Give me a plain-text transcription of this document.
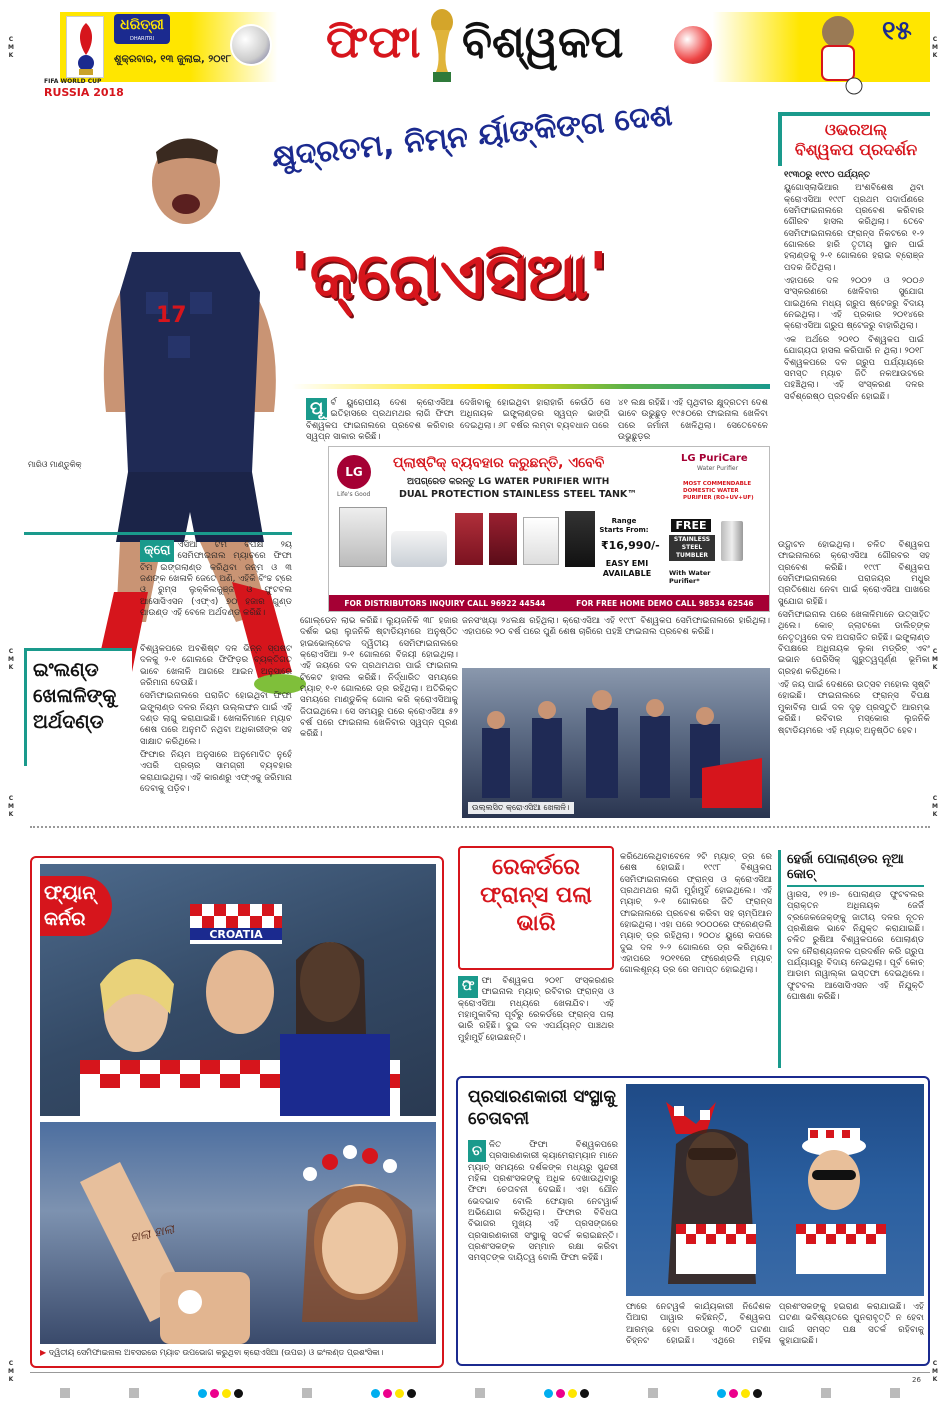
FIFA WORLD CUP
RUSSIA 2018
ଧରିତ୍ରୀ
DHARITRI
ଶୁକ୍ରବାର, ୧୩ ଜୁଲାଇ, ୨୦୧୮ ଫିଫା ବିଶ୍ୱକପ	୧୫
C
M
K
C
M
K
C
M
K
C
M
K
C
M
K
C
M
K
C
M
K
C
M
K
କ୍ଷୁଦ୍ରତମ, ନିମ୍ନ ର୍ୟାଙ୍କିଙ୍ଗ ଦେଶ
'କ୍ରୋଏସିଆ'
17
ମାରିଓ ମାଣ୍ଡୁକିକ୍

ପୂ ର୍ବ ୟୁରୋପୀୟ ଦେଶ କ୍ରୋଏସିଆ ଇତିହାସରେ ପ୍ରଥମଥର ଲାଗି ଫିଫା ବିଶ୍ୱକପ ଫାଇନାଲରେ ପ୍ରବେଶ କରିବାର ସ୍ୱପ୍ନ ସାକାର କରିଛି।

ଦେଖିବାକୁ ହୋଇଥିବା ହାରାହାରି କେଉଁଠି ସେ ଅଧିନାୟକ ଇଙ୍ଗ୍ଲାଣ୍ଡର ସ୍ୱପ୍ନ ଭାଙ୍ଗି ଦେଇଥିଲା। ୬୮ ବର୍ଷର ଲମ୍ବା ବ୍ୟବଧାନ ପରେ

୪୧ ଲକ୍ଷ ରହିଛି। ଏହି ପୃଥିବୀର କ୍ଷୁଦ୍ରତମ ଦେଶ ଭାବେ ଉଭୁଛୁଡ଼ ୧୯୫୦ରେ ଫାଇନାଲ ଖେଳିବା ପରେ ଜର୍ମାନୀ ଖେଳିଥିଲା। ସେତେବେଳେ ଉଭୁଛୁଡ଼ର

LG
Life's Good
LG PuriCare
Water Purifier
ପ୍ଲାଷ୍ଟିକ୍ ବ୍ୟବହାର କରୁଛନ୍ତି, ଏବେବି
ଅପଗ୍ରେଡ କରନ୍ତୁ LG WATER PURIFIER WITH
DUAL PROTECTION STAINLESS STEEL TANK™
MOST COMMENDABLE DOMESTIC WATER PURIFIER (RO+UV+UF)
Range Starts From:
₹16,990/-
EASY EMI AVAILABLE
FREE
STAINLESS STEEL TUMBLER
With Water Purifier*
FOR DISTRIBUTORS INQUIRY CALL 96922 44544	FOR FREE HOME DEMO CALL 98534 62546
ଓଭରଅଲ୍
ବିଶ୍ୱକପ ପ୍ରଦର୍ଶନ

୧୯୩୦ରୁ ୧୯୯୦ ପର୍ଯ୍ୟନ୍ତ

ୟୁଗୋସ୍ଲାଭିଆର ଅଂଶବିଶେଷ ଥିବା କ୍ରୋଏସିଆ ୧୯୯୮ ପ୍ରଥମ ପଦାର୍ପଣରେ ସେମିଫାଇନାଲରେ ପ୍ରବେଶ କରିବାର ଗୌରବ ହାସଲ କରିଥିଲା। ତେବେ ସେମିଫାଇନାଲରେ ଫ୍ରାନ୍ସ ନିକଟରେ ୧-୨ ଗୋଲରେ ହାରି ତୃତୀୟ ସ୍ଥାନ ପାଇଁ ହଲାଣ୍ଡକୁ ୨-୧ ଗୋଲରେ ହରାଇ ବ୍ରୋଞ୍ଜ ପଦକ ଜିତିଥିଲା।

ଏହାପରେ ଦଳ ୨୦୦୨ ଓ ୨୦୦୬ ସଂସ୍କରଣରେ ଖେଳିବାର ସୁଯୋଗ ପାଇଥିଲେ ମଧ୍ୟ ଗ୍ରୁପ ଷ୍ଟେଜରୁ ବିଦାୟ ନେଇଥିଲା। ଏହି ପ୍ରକାର ୨୦୧୪ରେ କ୍ରୋଏସିଆ ଗ୍ରୁପ ଷ୍ଟେଜରୁ ବାହାରିଥିଲା।

ଏକ ଅର୍ଥରେ ୨୦୧୦ ବିଶ୍ୱକପ ପାଇଁ ଯୋଗ୍ୟତା ହାସଲ କରିପାରି ନ ଥିଲା। ୨୦୧୮ ବିଶ୍ୱକପରେ ଦଳ ଗ୍ରୁପ ପର୍ଯ୍ୟାୟରେ ସମସ୍ତ ମ୍ୟାଚ ଜିତି ନକଆଉଟରେ ପହଞ୍ଚିଥିଲା। ଏହି ସଂସ୍କରଣ ଦଳର ସର୍ବଶ୍ରେଷ୍ଠ ପ୍ରଦର୍ଶନ ହୋଇଛି।

ଉଦ୍ଘାଟନ ହୋଇଥିଲା। ଚଳିତ ବିଶ୍ୱକପ ଫାଇନାଲରେ କ୍ରୋଏସିଆ ଗୌରବର ସହ ପ୍ରବେଶ କରିଛି। ୧୯୯୮ ବିଶ୍ୱକପ ସେମିଫାଇନାଲରେ ପରାଜୟର ମଧୁର ପ୍ରତିଶୋଧ ନେବା ପାଇଁ କ୍ରୋଏସିଆ ପାଖରେ ସୁଯୋଗ ରହିଛି।

ସେମିଫାଇନାଲ ପରେ ଖେଳାଳିମାନେ ଉତ୍ସାହିତ ଥିଲେ। କୋଚ୍ ଜ୍ଲାଟକୋ ଡାଲିଚ୍ଙ୍କ ନେତୃତ୍ୱରେ ଦଳ ଅପରାଜିତ ରହିଛି। ଇଙ୍ଗ୍ଲାଣ୍ଡ ବିପକ୍ଷରେ ଅଧିନାୟକ ଲୁକା ମଡ୍ରିଚ୍ ଏବଂ ଇଭାନ ପେରିସିକ୍ ଗୁରୁତ୍ୱପୂର୍ଣ୍ଣ ଭୂମିକା ଗ୍ରହଣ କରିଥିଲେ।

ଏହି ଜୟ ପାଇଁ ଦେଶରେ ଉତ୍ସବ ମହୋଲ ସୃଷ୍ଟି ହୋଇଛି। ଫାଇନାଲରେ ଫ୍ରାନ୍ସ ବିପକ୍ଷ ମୁକାବିଲା ପାଇଁ ଦଳ ଦୃଢ଼ ପ୍ରସ୍ତୁତି ଆରମ୍ଭ କରିଛି। ରବିବାର ମସ୍କୋର ଲୁଜନିକି ଷ୍ଟାଡିୟମରେ ଏହି ମ୍ୟାଚ୍ ଅନୁଷ୍ଠିତ ହେବ।

କ୍ରୋ ଏସିଆ ଟିମ ବିପକ୍ଷ ୨ୟ ସେମିଫାଇନାଲ ମ୍ୟାଚରେ ଫିଫା ଟିମ ଇଙ୍ଗଲାଣ୍ଡ କରିଥିବା ଜନ୍ମ ଓ ୩ ଜଣଙ୍କ ଖେଳାଳି ଜେତେ ଅଣି, ଏହିକି ବିଂଚ୍ଚ ଟ୍ରେ ଓ ରୁମ୍ସ ଲୁକ୍କିଲକୁଞ୍ଜ ଓ ଫୁଟବଲ ଆସୋସିଏସନ (ଏଫ୍ଏ) ୭୦ ହଜାର ଗୁଣ୍ଡ ପାଉଣ୍ଡ ଏହି ବେଳେ ଅର୍ଥଦଣ୍ଡ କରିଛି।

ବିଶ୍ୱକପରେ ଅବଶିଷ୍ଟ ଦଳ ଭିନ୍ନ ସ୍ପଷ୍ଟ ଦଳକୁ ୨-୧ ଗୋଲରେ ଫିଫିଡ଼ର ବ୍ୟକ୍ତିଗତ ଭାବେ ଖେଳାଳି ଆଗରେ ଆଇନ ଅନୁସାରେ ଜରିମାନା ଦେଉଛି।

ସେମିଫାଇନାଲରେ ପରାଜିତ ହୋଇଥିବା ଫିଫା ଇଙ୍ଗ୍ଲାଣ୍ଡ ଦଳର ନିୟମ ଉଲ୍ଲଙ୍ଘନ ପାଇଁ ଏହି ଦଣ୍ଡ ଲାଗୁ କରାଯାଇଛି। ଖେଳାଳିମାନେ ମ୍ୟାଚ ଶେଷ ପରେ ଅନୁମତି ନଥିବା ଅଧିକାରୀଙ୍କ ସହ ସାକ୍ଷାତ କରିଥିଲେ।

ଫିଫାର ନିୟମ ଅନୁସାରେ ଅନୁମୋଦିତ ନୁହେଁ ଏପରି ପ୍ରଚାର ସାମଗ୍ରୀ ବ୍ୟବହାର କରାଯାଇଥିଲା। ଏହି କାରଣରୁ ଏଫ୍ଏକୁ ଜରିମାନା ଦେବାକୁ ପଡ଼ିବ।

ଇଂଲଣ୍ଡ ଖେଳାଳିଙ୍କୁ ଅର୍ଥଦଣ୍ଡ

ଗୋଲ୍ଡେନ ଲାଭ କରିଛି। ଲ୍ୟୁଜନିକି ୩୮ ହଜାର ଦର୍ଶକ ଭରା ଲୁଜନିକି ଷ୍ଟାଡିୟମରେ ଅନୁଷ୍ଠିତ ହାଇଭୋଲ୍ଟେଜ ଦ୍ୱିତୀୟ ସେମିଫାଇନାଲରେ କ୍ରୋଏସିଆ ୨-୧ ଗୋଲରେ ବିଜୟୀ ହୋଇଥିଲା। ଏହି ଜୟରେ ଦଳ ପ୍ରଥମଥର ପାଇଁ ଫାଇନାଲ ଟିକେଟ ହାସଲ କରିଛି। ନିର୍ଦ୍ଧାରିତ ସମୟରେ ମ୍ୟାଚ୍ ୧-୧ ଗୋଲରେ ଡ୍ର ରହିଥିଲା। ଅତିରିକ୍ତ ସମୟରେ ମାଣ୍ଡୁକିକ୍ ଗୋଲ କରି କ୍ରୋଏସିଆକୁ ଜିତାଇଥିଲେ। ସେ ସମୟରୁ ପରେ କ୍ରୋଏସିଆ ୫୨ ବର୍ଷ ପରେ ଫାଇନାଲ ଖେଳିବାର ସ୍ୱପ୍ନ ପୂରଣ କରିଛି।

ଜନସଂଖ୍ୟା ୨୪ଲକ୍ଷ ରହିଥିଲା। କ୍ରୋଏସିଆ ଏହି ୧୯୯୮ ବିଶ୍ୱକପ ସେମିଫାଇନାଲରେ ହାରିଥିଲା। ଏହାପରେ ୨୦ ବର୍ଷ ପରେ ପୁଣି ଶେଷ ଚାରିରେ ପହଞ୍ଚି ଫାଇନାଲ ପ୍ରବେଶ କରିଛି।

ଉଲ୍ଲସିତ କ୍ରୋଏସିଆ ଖେଳାଳି।
CROATIA
ଫ୍ୟାନ୍ କର୍ନର
ହାଲା ହାଲା
▶ ଦ୍ୱିତୀୟ ସେମିଫାଇନାଲ ଅବସରରେ ମ୍ୟାଚ ଉପଭୋଗ କରୁଥିବା କ୍ରୋଏସିଆ (ଉପର) ଓ ଇଂଲଣ୍ଡ ପ୍ରଶଂସିକା।
ରେକର୍ଡରେ ଫ୍ରାନ୍ସ ପଲା ଭାରି

ଫି ଫା ବିଶ୍ୱକପ ୨୦୧୮ ସଂସ୍କରଣର ଫାଇନାଲ ମ୍ୟାଚ୍ ରବିବାର ଫ୍ରାନ୍ସ ଓ କ୍ରୋଏସିଆ ମଧ୍ୟରେ ଖେଳାଯିବ। ଏହି ମହାମୁକାବିଲା ପୂର୍ବରୁ ରେକର୍ଡରେ ଫ୍ରାନ୍ସ ପଲା ଭାରି ରହିଛି। ଦୁଇ ଦଳ ଏପର୍ଯ୍ୟନ୍ତ ପାଞ୍ଚଥର ମୁହାଁମୁହିଁ ହୋଇଛନ୍ତି।

କରିଥେଲେଥିବାବେଳେ ୨ଟି ମ୍ୟାଚ୍ ଡ୍ର ରେ ଶେଷ ହୋଇଛି। ୧୯୯୮ ବିଶ୍ୱକପ ସେମିଫାଇନାଲରେ ଫ୍ରାନ୍ସ ଓ କ୍ରୋଏସିଆ ପ୍ରଥମଥର ଲାଗି ମୁହାଁମୁହିଁ ହୋଇଥିଲେ। ଏହି ମ୍ୟାଚ୍ ୨-୧ ଗୋଲରେ ଜିତି ଫ୍ରାନ୍ସ ଫାଇନାଲରେ ପ୍ରବେଶ କରିବା ସହ ଚାମ୍ପିଆନ ହୋଇଥିଲା। ଏହା ପରେ ୨୦୦୦ରେ ଫ୍ରେଣ୍ଡଲି ମ୍ୟାଚ୍ ଡ୍ର ରହିଥିଲା। ୨୦୦୪ ୟୁରୋ କପରେ ଦୁଇ ଦଳ ୨-୨ ଗୋଲରେ ଡ୍ର କରିଥିଲେ। ଏହାପରେ ୨୦୧୧ରେ ଫ୍ରେଣ୍ଡଲି ମ୍ୟାଚ୍ ଗୋଲଶୂନ୍ୟ ଡ୍ର ରେ ସମାପ୍ତ ହୋଇଥିଲା।

ହେର୍ଜା ପୋଲାଣ୍ଡର ନୂଆ କୋଚ୍

ୱାରସ, ୧୨।୭- ପୋଲାଣ୍ଡ ଫୁଟବଲର ପ୍ରାକ୍ତନ ଅଧିନାୟକ ଜେର୍ଜି ବ୍ରଜେକଜେକ୍ଙ୍କୁ ଜାତୀୟ ଦଳର ନୂତନ ପ୍ରଶିକ୍ଷକ ଭାବେ ନିଯୁକ୍ତ କରାଯାଇଛି। ଚଳିତ ରୁଷିଆ ବିଶ୍ୱକପରେ ପୋଲାଣ୍ଡ ଦଳ ନୈରାଶ୍ୟଜନକ ପ୍ରଦର୍ଶନ କରି ଗ୍ରୁପ ପର୍ଯ୍ୟାୟରୁ ବିଦାୟ ନେଇଥିଲା। ପୂର୍ବ କୋଚ୍ ଆଡାମ ନାୱାଲ୍କା ଇସ୍ତଫା ଦେଇଥିଲେ। ଫୁଟବଲ ଆସୋସିଏସନ ଏହି ନିଯୁକ୍ତି ଘୋଷଣା କରିଛି।

ପ୍ରସାରଣକାରୀ ସଂସ୍ଥାକୁ ଚେତାବନୀ

ଚ ଳିତ ଫିଫା ବିଶ୍ୱକପରେ ପ୍ରସାରଣକାରୀ କ୍ୟାମେରାମ୍ୟାନ ମାନେ ମ୍ୟାଚ୍ ସମୟରେ ଦର୍ଶକଙ୍କ ମଧ୍ୟରୁ ସୁନ୍ଦରୀ ମହିଳା ପ୍ରଶଂସକଙ୍କୁ ଅଧିକ ଦେଖାଉଥିବାରୁ ଫିଫା ଚେତାବନୀ ଦେଇଛି। ଏହା ଯୌନ ଭେଦଭାବ ବୋଲି ଫେୟାର ନେଟୱାର୍କ ଅଭିଯୋଗ କରିଥିଲା। ଫିଫାର ବିବିଧତା ବିଭାଗର ମୁଖ୍ୟ ଏହି ପ୍ରସଙ୍ଗରେ ପ୍ରସାରଣକାରୀ ସଂସ୍ଥାକୁ ସତର୍କ କରାଇଛନ୍ତି। ପ୍ରଶଂସକଙ୍କ ସମ୍ମାନ ରକ୍ଷା କରିବା ସମସ୍ତଙ୍କ ଦାୟିତ୍ୱ ବୋଲି ଫିଫା କହିଛି।

ଫାରେ ନେଟୱର୍କ କାର୍ଯ୍ୟକାରୀ ନିର୍ଦ୍ଦେଶକ ପିଆରା ପାୱାର କହିଛନ୍ତି, ବିଶ୍ୱକପ ଆରମ୍ଭ ହେବା ପରଠାରୁ ୩୦ଟି ଘଟଣା ଚିହ୍ନଟ ହୋଇଛି। ଏଥିରେ ମହିଳା ପ୍ରଶଂସକଙ୍କୁ ହଇରାଣ କରାଯାଇଛି। ଏହି ଘଟଣା ଭବିଷ୍ୟତରେ ପୁନରାବୃତ୍ତି ନ ହେବା ପାଇଁ ସମସ୍ତ ପକ୍ଷ ସତର୍କ ରହିବାକୁ କୁହାଯାଇଛି।

26
